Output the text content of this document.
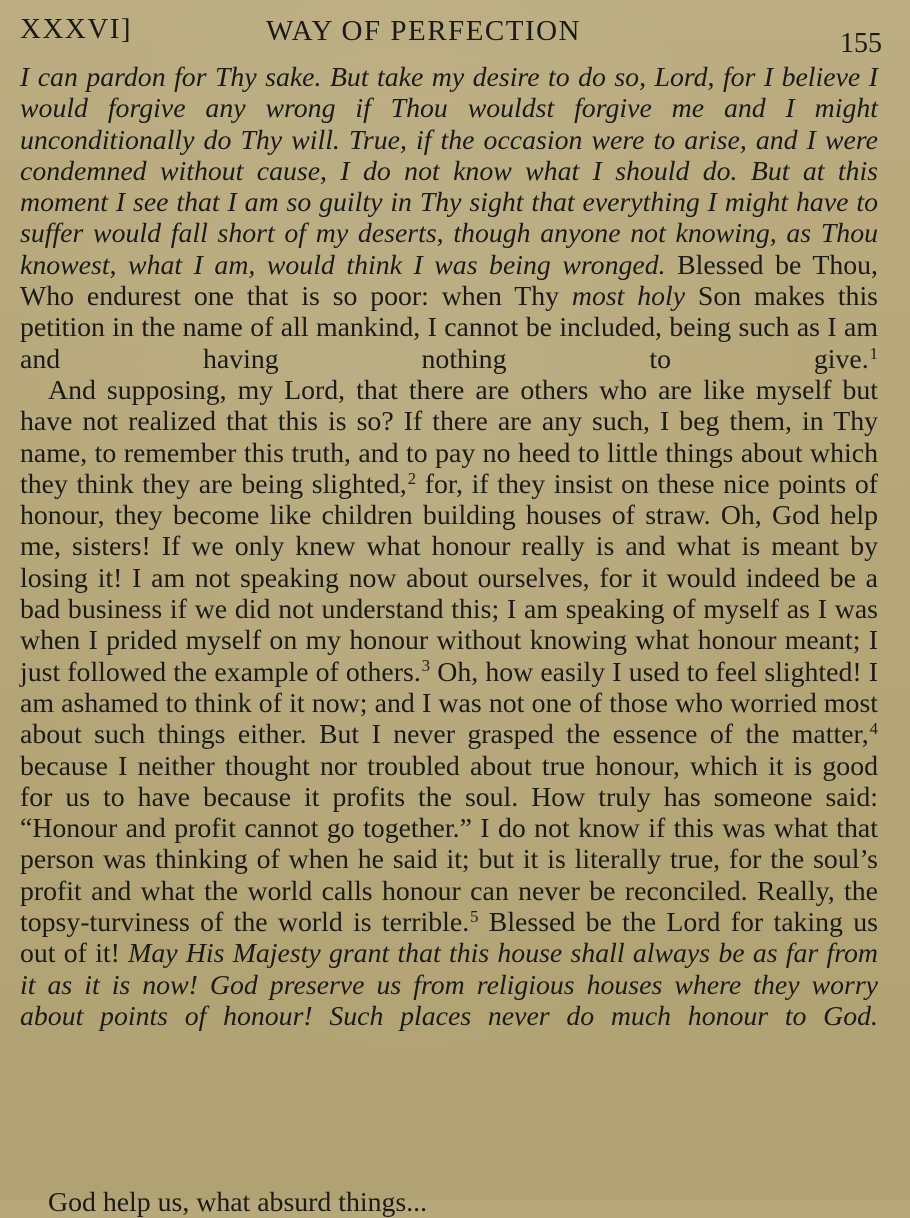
XXXVI]	WAY OF PERFECTION	155

I can pardon for Thy sake. But take my desire to do so, Lord, for I believe I would forgive any wrong if Thou wouldst forgive me and I might unconditionally do Thy will. True, if the occasion were to arise, and I were condemned without cause, I do not know what I should do. But at this moment I see that I am so guilty in Thy sight that everything I might have to suffer would fall short of my deserts, though anyone not knowing, as Thou knowest, what I am, would think I was being wronged. Blessed be Thou, Who endurest one that is so poor: when Thy most holy Son makes this petition in the name of all mankind, I cannot be included, being such as I am and having nothing to give.$^1$

And supposing, my Lord, that there are others who are like myself but have not realized that this is so? If there are any such, I beg them, in Thy name, to remember this truth, and to pay no heed to little things about which they think they are being slighted,$^2$ for, if they insist on these nice points of honour, they become like children building houses of straw. Oh, God help me, sisters! If we only knew what honour really is and what is meant by losing it! I am not speaking now about ourselves, for it would indeed be a bad business if we did not understand this; I am speaking of myself as I was when I prided myself on my honour without knowing what honour meant; I just followed the example of others.$^3$ Oh, how easily I used to feel slighted! I am ashamed to think of it now; and I was not one of those who worried most about such things either. But I never grasped the essence of the matter,$^4$ because I neither thought nor troubled about true honour, which it is good for us to have because it profits the soul. How truly has someone said: “Honour and profit cannot go together.” I do not know if this was what that person was thinking of when he said it; but it is literally true, for the soul’s profit and what the world calls honour can never be reconciled. Really, the topsy-turviness of the world is terrible.$^5$ Blessed be the Lord for taking us out of it! May His Majesty grant that this house shall always be as far from it as it is now! God preserve us from religious houses where they worry about points of honour! Such places never do much honour to God.

God help us, what absurd things...
